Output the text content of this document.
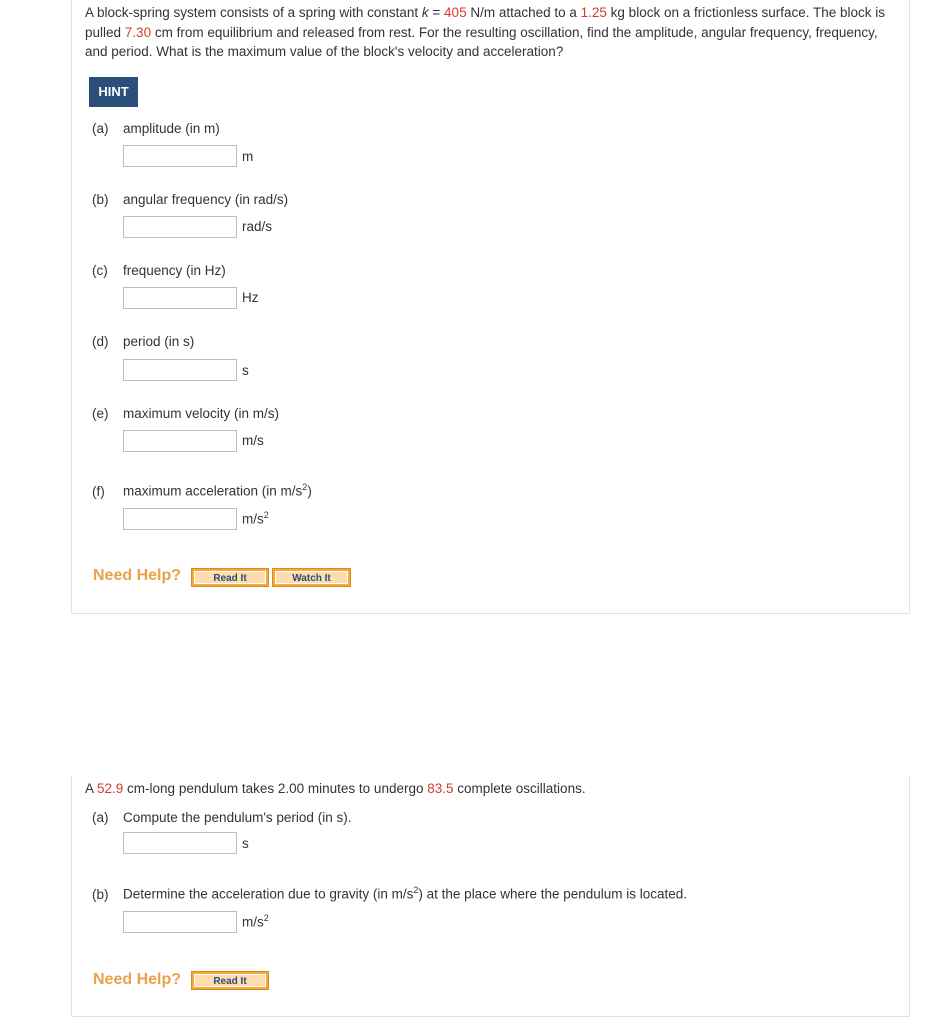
A block-spring system consists of a spring with constant k = 405 N/m attached to a 1.25 kg block on a frictionless surface. The block is pulled 7.30 cm from equilibrium and released from rest. For the resulting oscillation, find the amplitude, angular frequency, frequency, and period. What is the maximum value of the block's velocity and acceleration?
HINT
(a) amplitude (in m)
m
(b) angular frequency (in rad/s)
rad/s
(c) frequency (in Hz)
Hz
(d) period (in s)
s
(e) maximum velocity (in m/s)
m/s
(f) maximum acceleration (in $m/s^2$)
$m/s^2$
Need Help?	Read It	Watch It
A 52.9 cm-long pendulum takes 2.00 minutes to undergo 83.5 complete oscillations.
(a) Compute the pendulum's period (in s).
s
(b) Determine the acceleration due to gravity (in $m/s^2$) at the place where the pendulum is located.
$m/s^2$
Need Help?	Read It
